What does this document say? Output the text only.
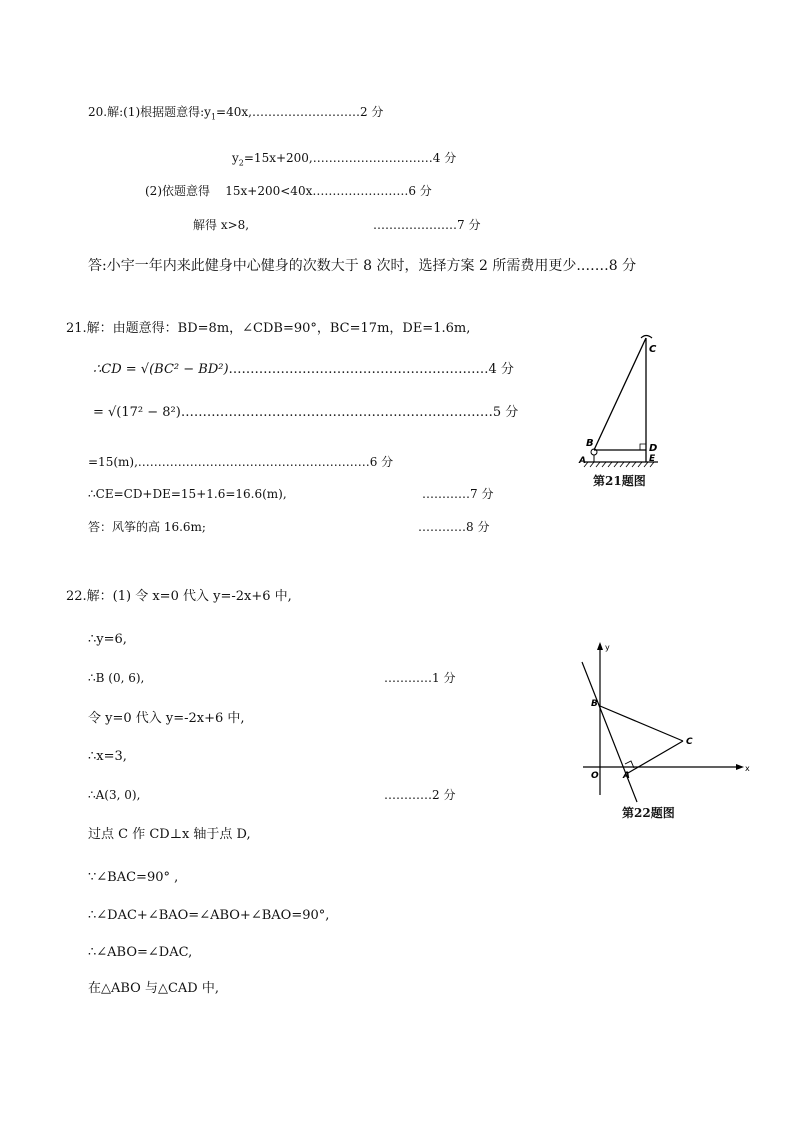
20.解:(1)根据题意得$:y_1=40x,\dots\dots\dots\dots\dots\dots\dots\dots\dots 2$ 分
$y_2=15x+200,\dots\dots\dots\dots\dots\dots\dots\dots\dots\dots 4$ 分
(2)依题意得    15x+200<40x……………………6 分
解得 x>8,	…………………7 分
答:小宇一年内来此健身中心健身的次数大于 8 次时，选择方案 2 所需费用更少.……8 分
21.解：由题意得：BD=8m，∠CDB=90°，BC=17m，DE=1.6m,
∴CD = √(BC² − BD²)……………………………………………………4 分
= √(17² − 8²)………………………………………………………………5 分
=15(m),.…………………………………………………6 分
∴CE=CD+DE=15+1.6=16.6(m),	…………7 分
答：风筝的高 16.6m;	…………8 分
C
B	D
A	E
第21题图
22.解：(1) 令 x=0 代入 y=-2x+6 中,
∴y=6,
∴B (0, 6),	…………1 分
令 y=0 代入 y=-2x+6 中,
∴x=3,
∴A(3, 0),	…………2 分
过点 C 作 CD⊥x 轴于点 D,
∵∠BAC=90° ,
∴∠DAC+∠BAO=∠ABO+∠BAO=90°,
∴∠ABO=∠DAC,
在△ABO 与△CAD 中,
y
B
C
O	A
x
第22题图
